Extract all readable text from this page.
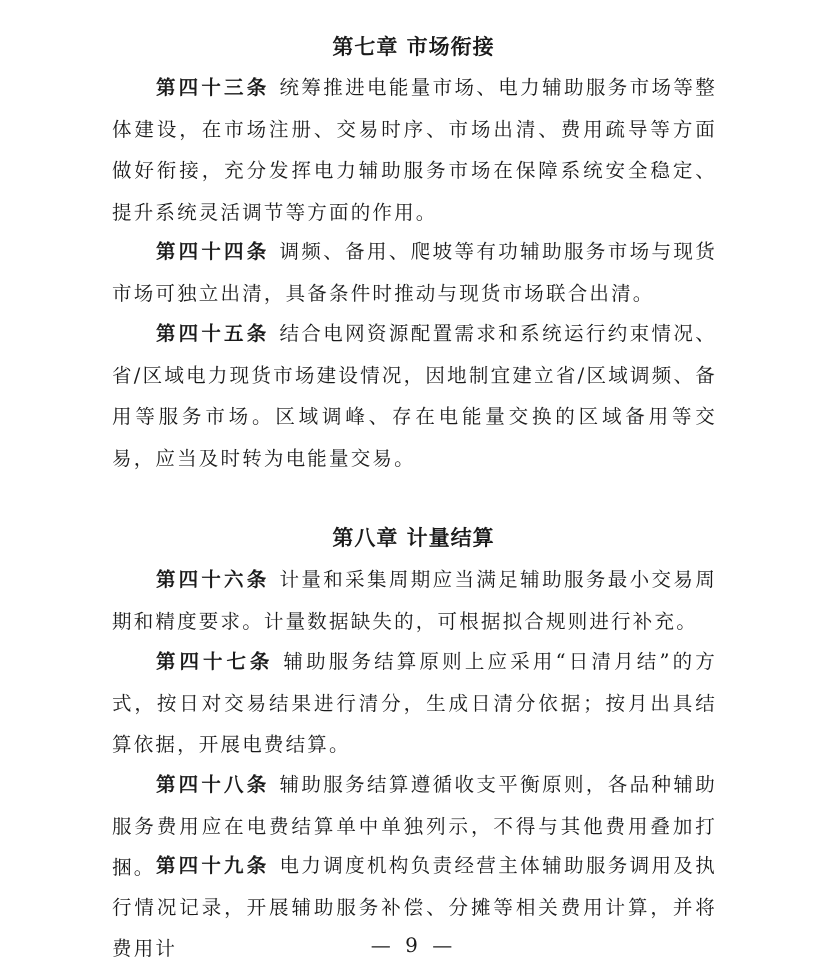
第七章 市场衔接

第四十三条 统筹推进电能量市场、电力辅助服务市场等整体建设，在市场注册、交易时序、市场出清、费用疏导等方面做好衔接，充分发挥电力辅助服务市场在保障系统安全稳定、提升系统灵活调节等方面的作用。

第四十四条 调频、备用、爬坡等有功辅助服务市场与现货市场可独立出清，具备条件时推动与现货市场联合出清。

第四十五条 结合电网资源配置需求和系统运行约束情况、省/区域电力现货市场建设情况，因地制宜建立省/区域调频、备用等服务市场。区域调峰、存在电能量交换的区域备用等交易，应当及时转为电能量交易。

第八章 计量结算

第四十六条 计量和采集周期应当满足辅助服务最小交易周期和精度要求。计量数据缺失的，可根据拟合规则进行补充。

第四十七条 辅助服务结算原则上应采用“日清月结”的方式，按日对交易结果进行清分，生成日清分依据；按月出具结算依据，开展电费结算。

第四十八条 辅助服务结算遵循收支平衡原则，各品种辅助服务费用应在电费结算单中单独列示，不得与其他费用叠加打捆。 第四十九条 电力调度机构负责经营主体辅助服务调用及执行情况记录，开展辅助服务补偿、分摊等相关费用计算，并将费用计	— 9 —
